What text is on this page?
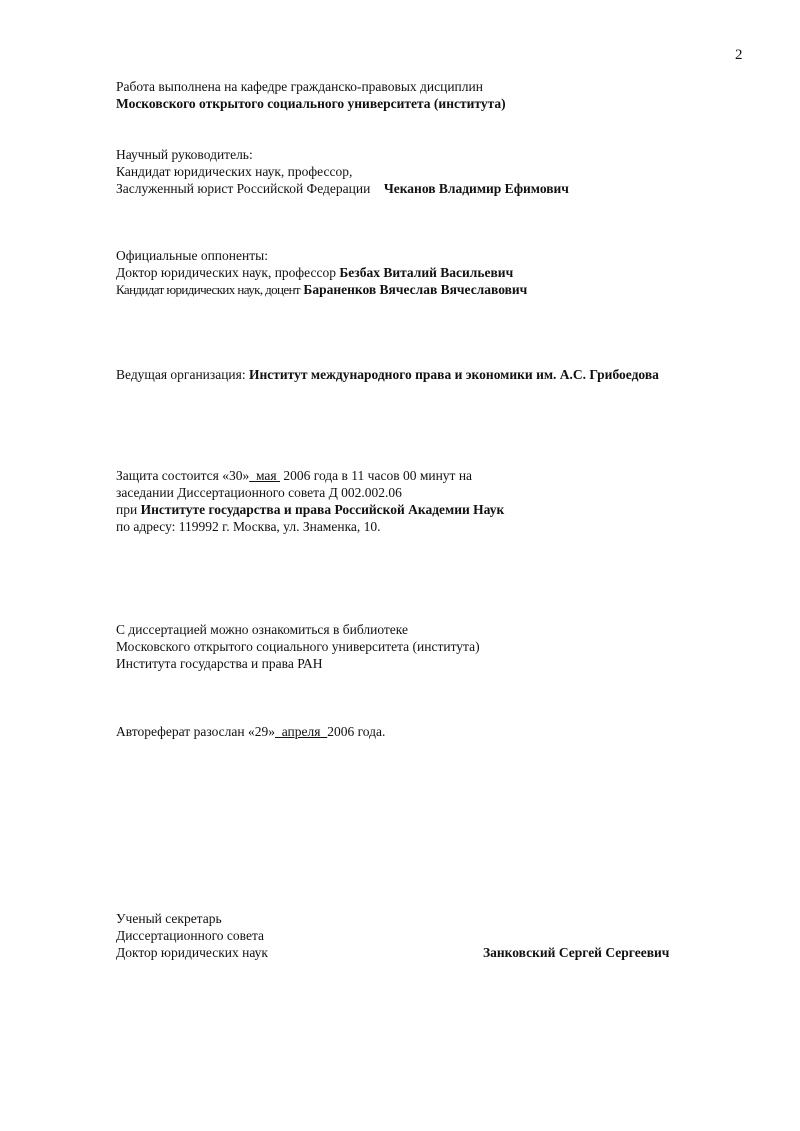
2
Работа выполнена на кафедре гражданско-правовых дисциплин
Московского открытого социального университета (института)
Научный руководитель:
Кандидат юридических наук, профессор,
Заслуженный юрист Российской Федерации Чеканов Владимир Ефимович
Официальные оппоненты:
Доктор юридических наук, профессор Безбах Виталий Васильевич
Кандидат юридических наук, доцент Бараненков Вячеслав Вячеславович
Ведущая организация: Институт международного права и экономики им. А.С. Грибоедова
Защита состоится «30» мая 2006 года в 11 часов 00 минут на
заседании Диссертационного совета Д 002.002.06
при Институте государства и права Российской Академии Наук
по адресу: 119992 г. Москва, ул. Знаменка, 10.
С диссертацией можно ознакомиться в библиотеке
Московского открытого социального университета (института)
Института государства и права РАН
Автореферат разослан «29» апреля 2006 года.
Ученый секретарь
Диссертационного совета
Доктор юридических наук	Занковский Сергей Сергеевич
